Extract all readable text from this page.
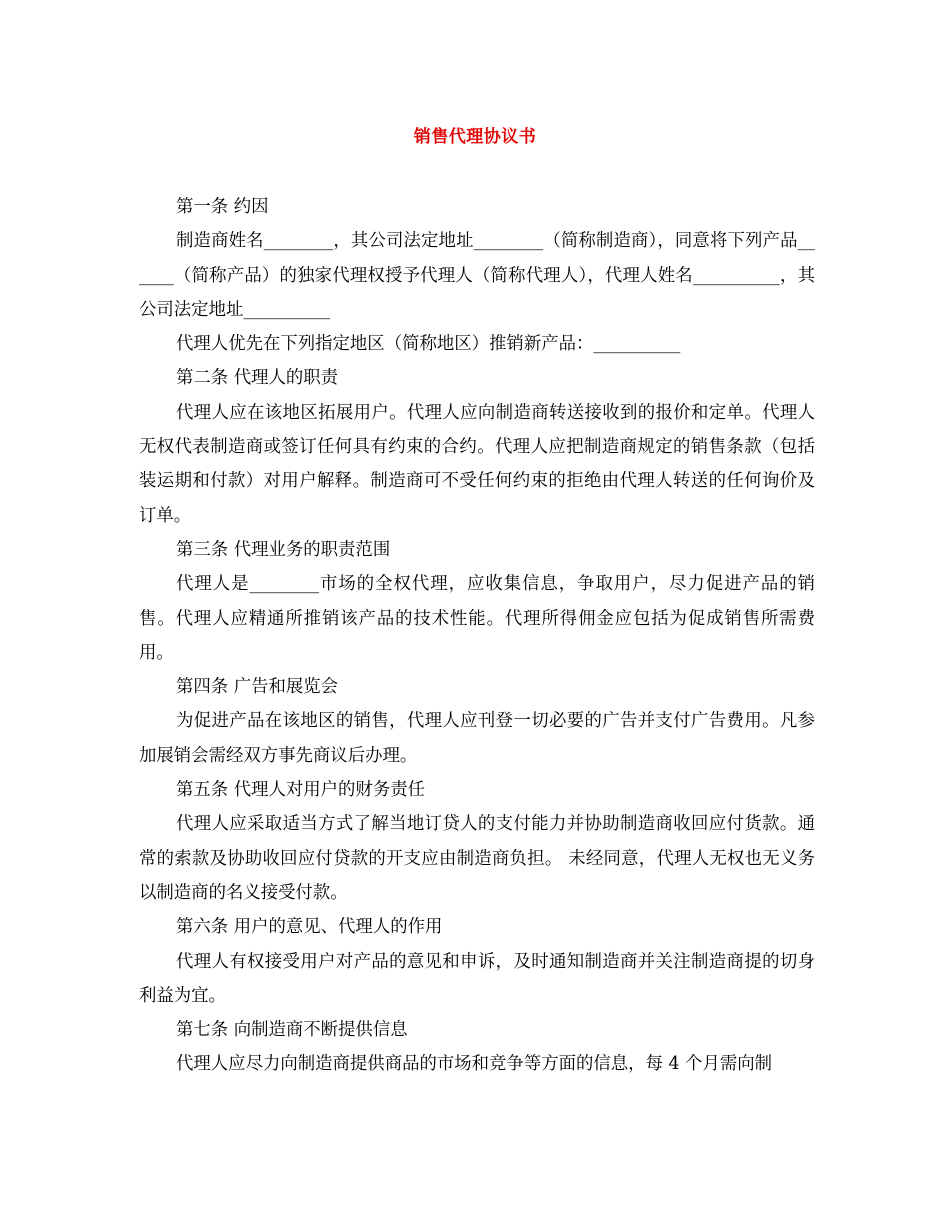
销售代理协议书

第一条 约因

制造商姓名________，其公司法定地址________（简称制造商），同意将下列产品______（简称产品）的独家代理权授予代理人（简称代理人），代理人姓名__________，其公司法定地址__________

代理人优先在下列指定地区（简称地区）推销新产品：__________

第二条 代理人的职责

代理人应在该地区拓展用户。代理人应向制造商转送接收到的报价和定单。代理人无权代表制造商或签订任何具有约束的合约。代理人应把制造商规定的销售条款（包括装运期和付款）对用户解释。制造商可不受任何约束的拒绝由代理人转送的任何询价及订单。

第三条 代理业务的职责范围

代理人是________市场的全权代理，应收集信息，争取用户，尽力促进产品的销售。代理人应精通所推销该产品的技术性能。代理所得佣金应包括为促成销售所需费用。

第四条 广告和展览会

为促进产品在该地区的销售，代理人应刊登一切必要的广告并支付广告费用。凡参加展销会需经双方事先商议后办理。

第五条 代理人对用户的财务责任

代理人应采取适当方式了解当地订贷人的支付能力并协助制造商收回应付货款。通常的索款及协助收回应付贷款的开支应由制造商负担。 未经同意，代理人无权也无义务以制造商的名义接受付款。

第六条 用户的意见、代理人的作用

代理人有权接受用户对产品的意见和申诉，及时通知制造商并关注制造商提的切身利益为宜。

第七条 向制造商不断提供信息

代理人应尽力向制造商提供商品的市场和竞争等方面的信息，每 4 个月需向制
